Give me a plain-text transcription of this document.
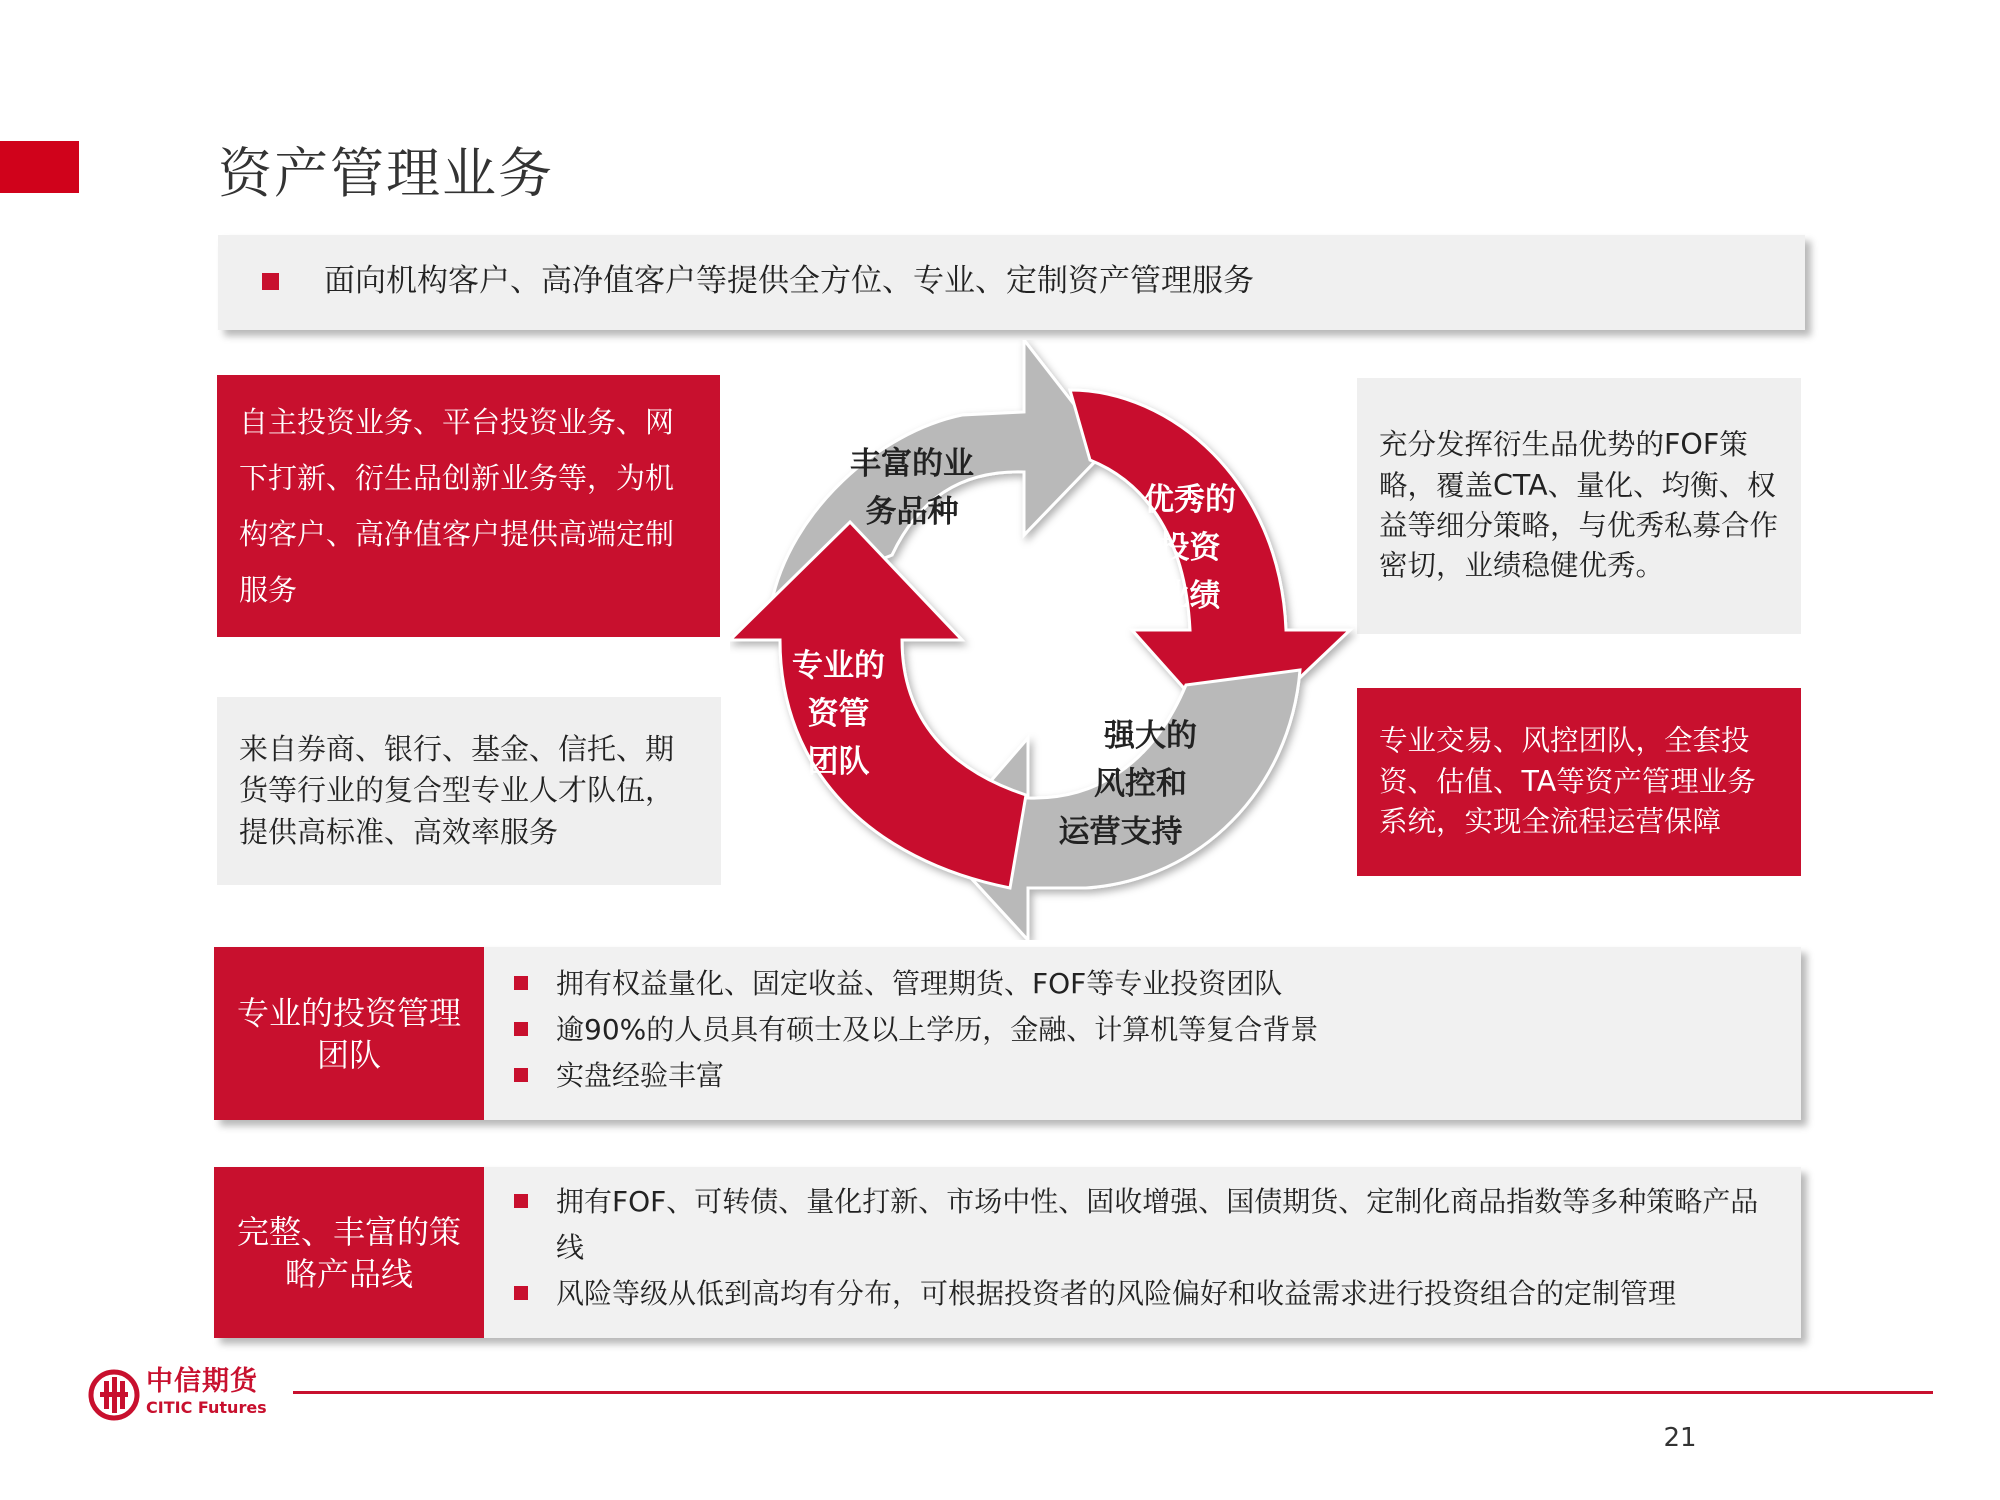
资产管理业务
面向机构客户、高净值客户等提供全方位、专业、定制资产管理服务
自主投资业务、平台投资业务、网下打新、衍生品创新业务等，为机构客户、高净值客户提供高端定制服务
来自券商、银行、基金、信托、期货等行业的复合型专业人才队伍，提供高标准、高效率服务
充分发挥衍生品优势的FOF策略，覆盖CTA、量化、均衡、权益等细分策略，与优秀私募合作密切，业绩稳健优秀。
专业交易、风控团队，全套投资、估值、TA等资产管理业务系统，实现全流程运营保障
丰富的业
务品种	优秀的
投资
业绩
强大的
风控和
运营支持
专业的
资管
团队
专业的投资管理团队
拥有权益量化、固定收益、管理期货、FOF等专业投资团队
逾90%的人员具有硕士及以上学历，金融、计算机等复合背景
实盘经验丰富
完整、丰富的策略产品线
拥有FOF、可转债、量化打新、市场中性、固收增强、国债期货、定制化商品指数等多种策略产品线
风险等级从低到高均有分布，可根据投资者的风险偏好和收益需求进行投资组合的定制管理
中信期货
CITIC Futures
21
